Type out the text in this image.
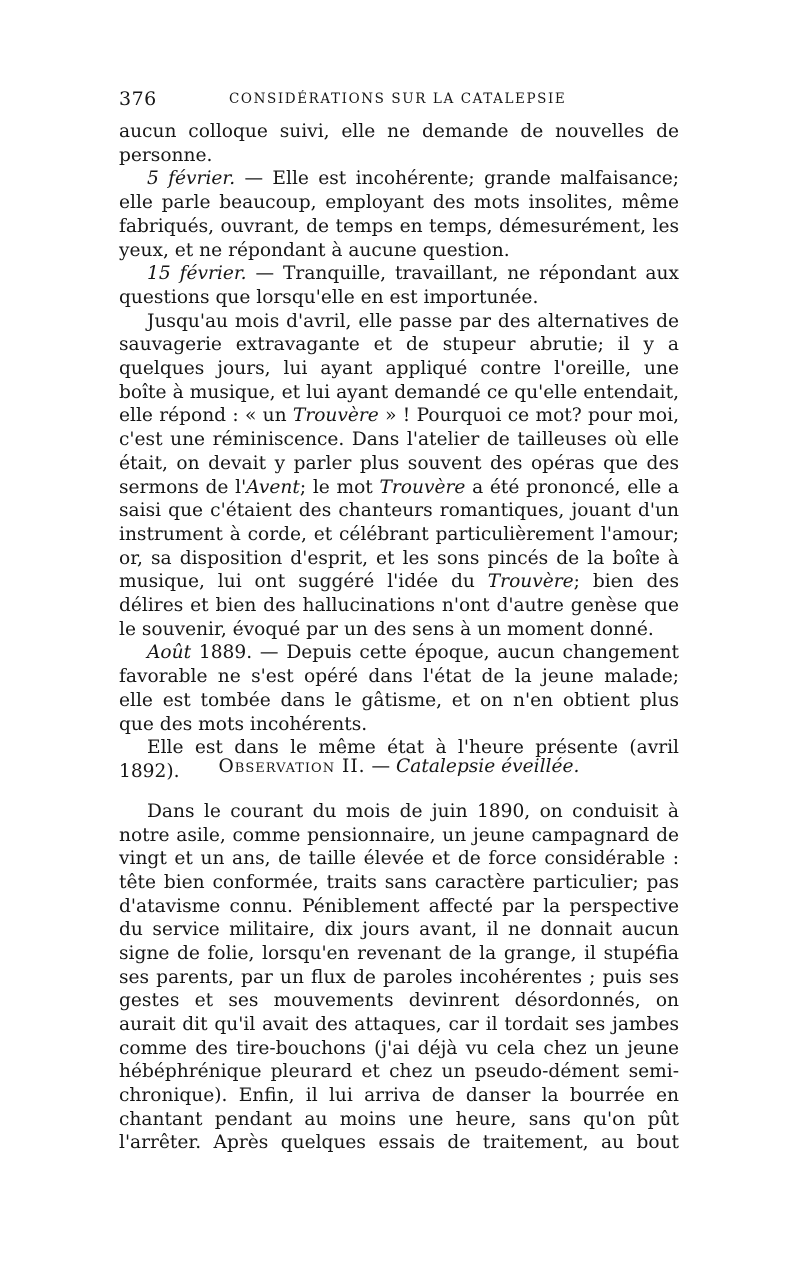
376	CONSIDÉRATIONS SUR LA CATALEPSIE

aucun colloque suivi, elle ne demande de nouvelles de personne.

5 février. — Elle est incohérente; grande malfaisance; elle parle beaucoup, employant des mots insolites, même fabriqués, ouvrant, de temps en temps, démesurément, les yeux, et ne répondant à aucune question.

15 février. — Tranquille, travaillant, ne répondant aux questions que lorsqu'elle en est importunée.

Jusqu'au mois d'avril, elle passe par des alternatives de sauvagerie extravagante et de stupeur abrutie; il y a quelques jours, lui ayant appliqué contre l'oreille, une boîte à musique, et lui ayant demandé ce qu'elle entendait, elle répond : « un Trouvère » ! Pourquoi ce mot? pour moi, c'est une réminiscence. Dans l'atelier de tailleuses où elle était, on devait y parler plus souvent des opéras que des sermons de l'Avent; le mot Trouvère a été prononcé, elle a saisi que c'étaient des chanteurs romantiques, jouant d'un instrument à corde, et célébrant particulièrement l'amour; or, sa disposition d'esprit, et les sons pincés de la boîte à musique, lui ont suggéré l'idée du Trouvère; bien des délires et bien des hallucinations n'ont d'autre genèse que le souvenir, évoqué par un des sens à un moment donné.

Août 1889. — Depuis cette époque, aucun changement favorable ne s'est opéré dans l'état de la jeune malade; elle est tombée dans le gâtisme, et on n'en obtient plus que des mots incohérents.

Elle est dans le même état à l'heure présente (avril 1892).	Observation II. — Catalepsie éveillée.

Dans le courant du mois de juin 1890, on conduisit à notre asile, comme pensionnaire, un jeune campagnard de vingt et un ans, de taille élevée et de force considérable : tête bien conformée, traits sans caractère particulier; pas d'atavisme connu. Péniblement affecté par la perspective du service militaire, dix jours avant, il ne donnait aucun signe de folie, lorsqu'en revenant de la grange, il stupéfia ses parents, par un flux de paroles incohérentes ; puis ses gestes et ses mouvements devinrent désordonnés, on aurait dit qu'il avait des attaques, car il tordait ses jambes comme des tire-bouchons (j'ai déjà vu cela chez un jeune hébéphrénique pleurard et chez un pseudo-dément semi-chronique). Enfin, il lui arriva de danser la bourrée en chantant pendant au moins une heure, sans qu'on pût l'arrêter. Après quelques essais de traitement, au bout
